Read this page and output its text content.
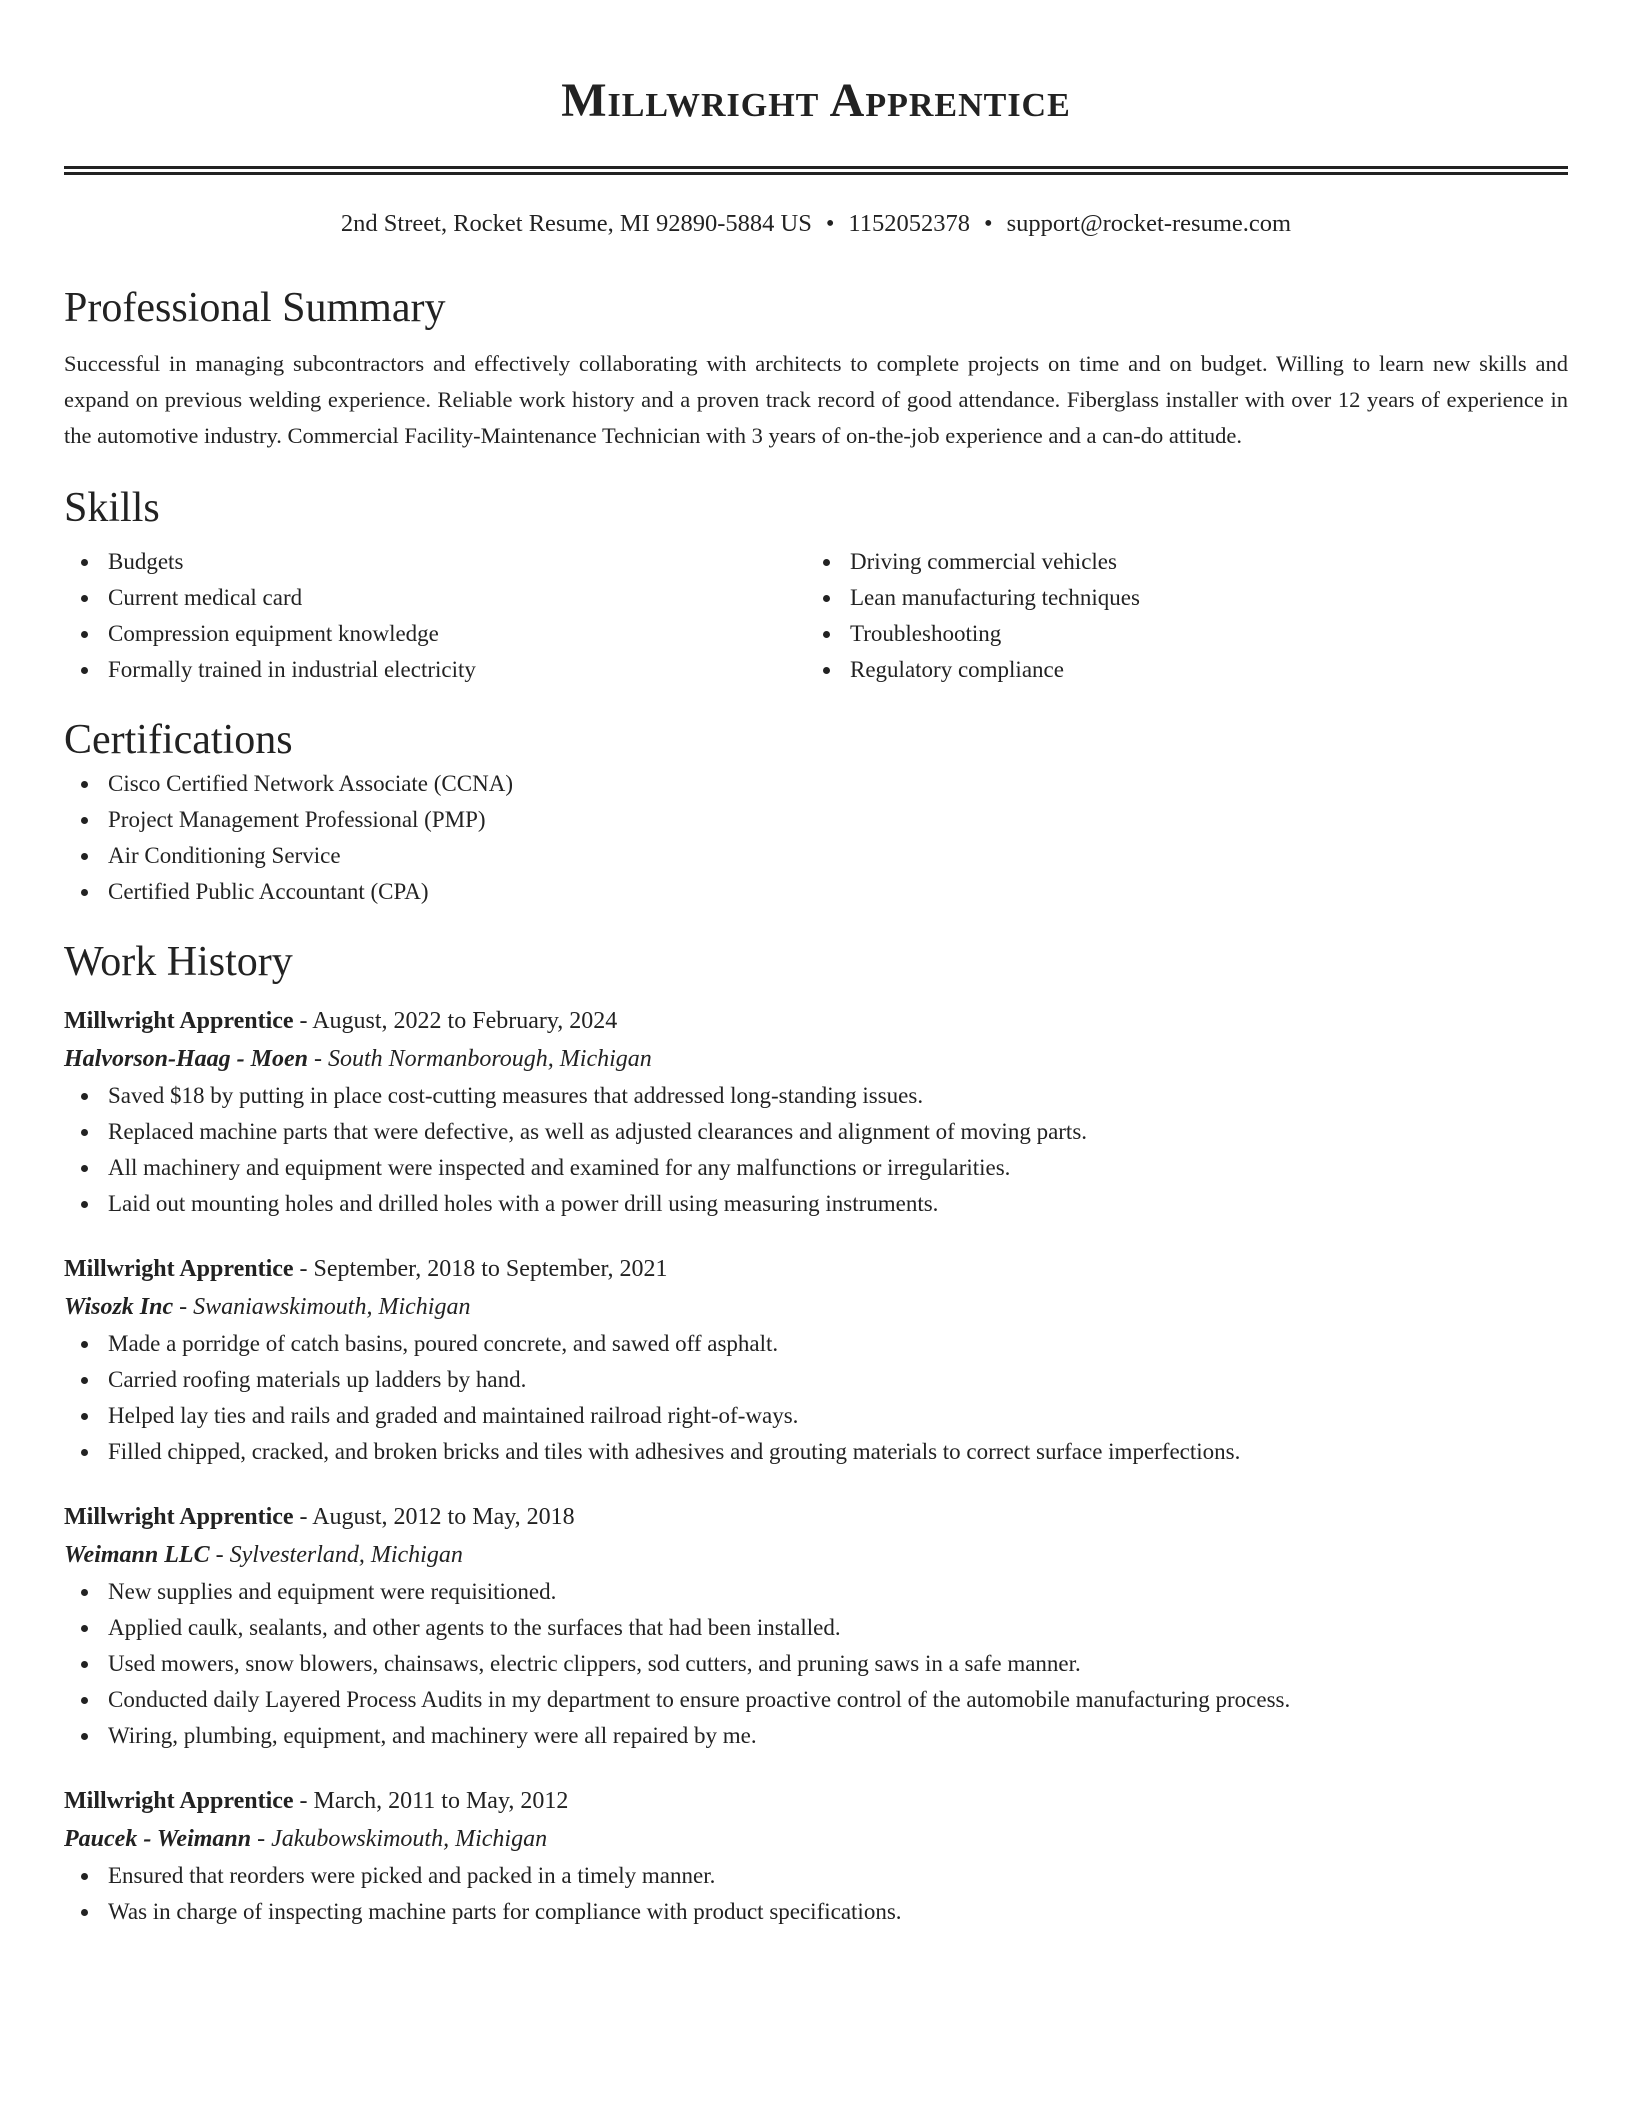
Millwright Apprentice
2nd Street, Rocket Resume, MI 92890-5884 US • 1152052378 • support@rocket-resume.com
Professional Summary

Successful in managing subcontractors and effectively collaborating with architects to complete projects on time and on budget. Willing to learn new skills and expand on previous welding experience. Reliable work history and a proven track record of good attendance. Fiberglass installer with over 12 years of experience in the automotive industry. Commercial Facility-Maintenance Technician with 3 years of on-the-job experience and a can-do attitude.

Skills
Budgets
Current medical card
Compression equipment knowledge
Formally trained in industrial electricity
Driving commercial vehicles
Lean manufacturing techniques
Troubleshooting
Regulatory compliance
Certifications
Cisco Certified Network Associate (CCNA)
Project Management Professional (PMP)
Air Conditioning Service
Certified Public Accountant (CPA)
Work History
Millwright Apprentice - August, 2022 to February, 2024
Halvorson-Haag - Moen - South Normanborough, Michigan
Saved $18 by putting in place cost-cutting measures that addressed long-standing issues.
Replaced machine parts that were defective, as well as adjusted clearances and alignment of moving parts.
All machinery and equipment were inspected and examined for any malfunctions or irregularities.
Laid out mounting holes and drilled holes with a power drill using measuring instruments.
Millwright Apprentice - September, 2018 to September, 2021
Wisozk Inc - Swaniawskimouth, Michigan
Made a porridge of catch basins, poured concrete, and sawed off asphalt.
Carried roofing materials up ladders by hand.
Helped lay ties and rails and graded and maintained railroad right-of-ways.
Filled chipped, cracked, and broken bricks and tiles with adhesives and grouting materials to correct surface imperfections.
Millwright Apprentice - August, 2012 to May, 2018
Weimann LLC - Sylvesterland, Michigan
New supplies and equipment were requisitioned.
Applied caulk, sealants, and other agents to the surfaces that had been installed.
Used mowers, snow blowers, chainsaws, electric clippers, sod cutters, and pruning saws in a safe manner.
Conducted daily Layered Process Audits in my department to ensure proactive control of the automobile manufacturing process.
Wiring, plumbing, equipment, and machinery were all repaired by me.
Millwright Apprentice - March, 2011 to May, 2012
Paucek - Weimann - Jakubowskimouth, Michigan
Ensured that reorders were picked and packed in a timely manner.
Was in charge of inspecting machine parts for compliance with product specifications.
